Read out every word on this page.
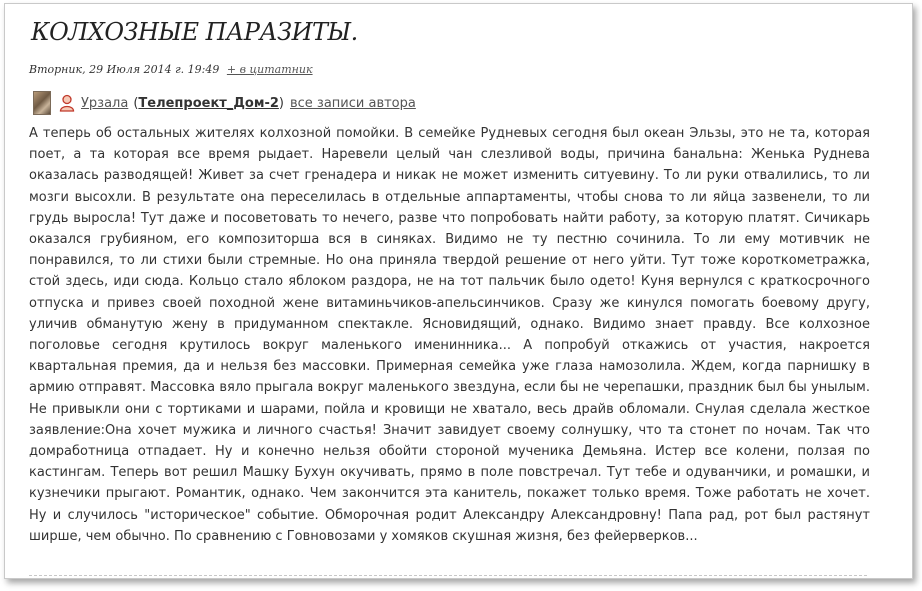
КОЛХОЗНЫЕ ПАРАЗИТЫ.
Вторник, 29 Июля 2014 г. 19:49 + в цитатник
Урзала ( Телепроект_Дом-2 ) все записи автора

А теперь об остальных жителях колхозной помойки. В семейке Рудневых сегодня был океан Эльзы, это не та, которая поет, а та которая все время рыдает. Наревели целый чан слезливой воды, причина банальна: Женька Руднева оказалась разводящей! Живет за счет гренадера и никак не может изменить ситуевину. То ли руки отвалились, то ли мозги высохли. В результате она переселилась в отдельные аппартаменты, чтобы снова то ли яйца зазвенели, то ли грудь выросла! Тут даже и посоветовать то нечего, разве что попробовать найти работу, за которую платят. Сичикарь оказался грубияном, его композиторша вся в синяках. Видимо не ту пестню сочинила. То ли ему мотивчик не понравился, то ли стихи были стремные. Но она приняла твердой решение от него уйти. Тут тоже короткометражка, стой здесь, иди сюда. Кольцо стало яблоком раздора, не на тот пальчик было одето! Куня вернулся с краткосрочного отпуска и привез своей походной жене витаминьчиков-апельсинчиков. Сразу же кинулся помогать боевому другу, уличив обманутую жену в придуманном спектакле. Ясновидящий, однако. Видимо знает правду. Все колхозное поголовье сегодня крутилось вокруг маленького именинника... А попробуй откажись от участия, накроется квартальная премия, да и нельзя без массовки. Примерная семейка уже глаза намозолила. Ждем, когда парнишку в армию отправят. Массовка вяло прыгала вокруг маленького звездуна, если бы не черепашки, праздник был бы унылым. Не привыкли они с тортиками и шарами, пойла и кровищи не хватало, весь драйв обломали. Снулая сделала жесткое заявление:Она хочет мужика и личного счастья! Значит завидует своему солнушку, что та стонет по ночам. Так что домработница отпадает. Ну и конечно нельзя обойти стороной мученика Демьяна. Истер все колени, ползая по кастингам. Теперь вот решил Машку Бухун окучивать, прямо в поле повстречал. Тут тебе и одуванчики, и ромашки, и кузнечики прыгают. Романтик, однако. Чем закончится эта канитель, покажет только время. Тоже работать не хочет. Ну и случилось "историческое" событие. Обморочная родит Александру Александровну! Папа рад, рот был растянут ширше, чем обычно. По сравнению с Говновозами у хомяков скушная жизня, без фейерверков...
